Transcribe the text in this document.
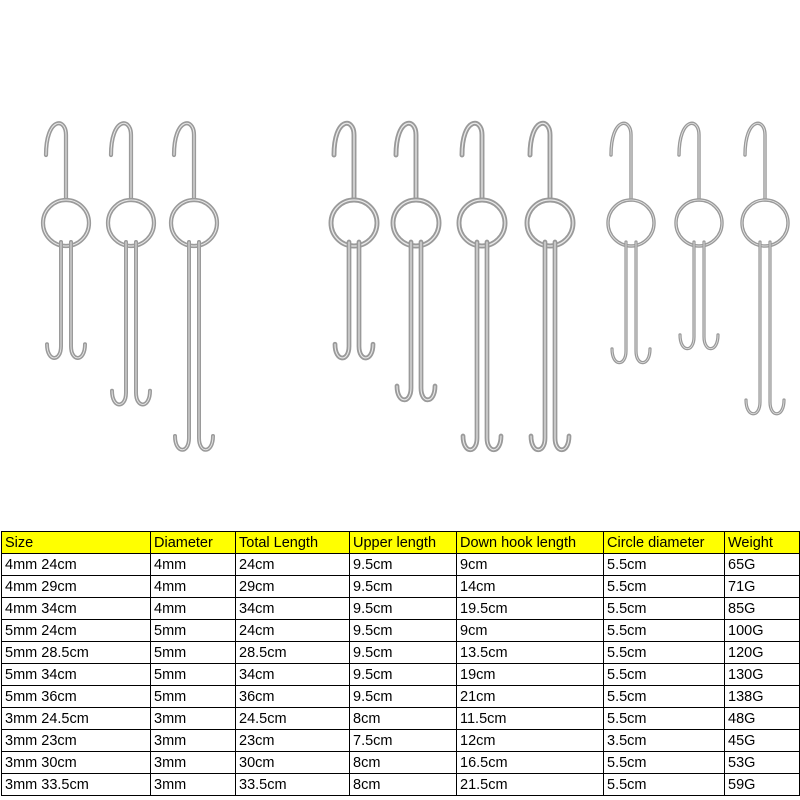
Size	Diameter	Total Length	Upper length	Down hook length	Circle diameter	Weight
4mm 24cm	4mm	24cm	9.5cm	9cm	5.5cm	65G
4mm 29cm	4mm	29cm	9.5cm	14cm	5.5cm	71G
4mm 34cm	4mm	34cm	9.5cm	19.5cm	5.5cm	85G
5mm 24cm	5mm	24cm	9.5cm	9cm	5.5cm	100G
5mm 28.5cm	5mm	28.5cm	9.5cm	13.5cm	5.5cm	120G
5mm 34cm	5mm	34cm	9.5cm	19cm	5.5cm	130G
5mm 36cm	5mm	36cm	9.5cm	21cm	5.5cm	138G
3mm 24.5cm	3mm	24.5cm	8cm	11.5cm	5.5cm	48G
3mm 23cm	3mm	23cm	7.5cm	12cm	3.5cm	45G
3mm 30cm	3mm	30cm	8cm	16.5cm	5.5cm	53G
3mm 33.5cm	3mm	33.5cm	8cm	21.5cm	5.5cm	59G
